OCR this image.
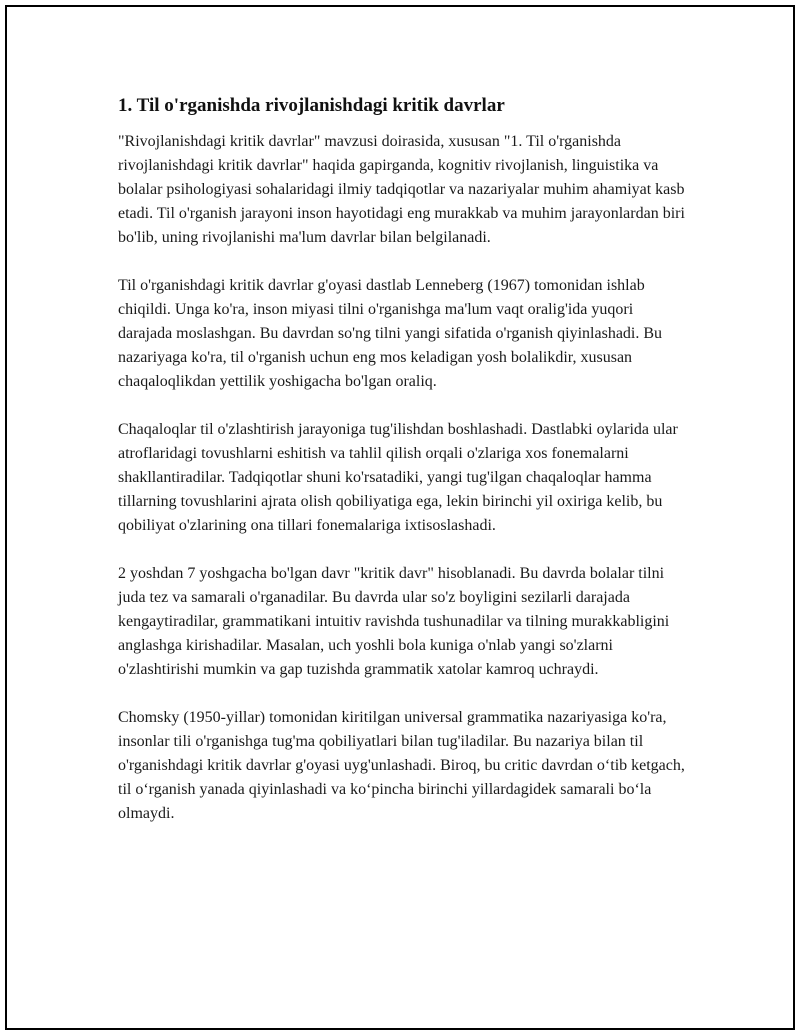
1. Til o'rganishda rivojlanishdagi kritik davrlar

"Rivojlanishdagi kritik davrlar" mavzusi doirasida, xususan "1. Til o'rganishda rivojlanishdagi kritik davrlar" haqida gapirganda, kognitiv rivojlanish, linguistika va bolalar psihologiyasi sohalaridagi ilmiy tadqiqotlar va nazariyalar muhim ahamiyat kasb etadi. Til o'rganish jarayoni inson hayotidagi eng murakkab va muhim jarayonlardan biri bo'lib, uning rivojlanishi ma'lum davrlar bilan belgilanadi.

Til o'rganishdagi kritik davrlar g'oyasi dastlab Lenneberg (1967) tomonidan ishlab chiqildi. Unga ko'ra, inson miyasi tilni o'rganishga ma'lum vaqt oralig'ida yuqori darajada moslashgan. Bu davrdan so'ng tilni yangi sifatida o'rganish qiyinlashadi. Bu nazariyaga ko'ra, til o'rganish uchun eng mos keladigan yosh bolalikdir, xususan chaqaloqlikdan yettilik yoshigacha bo'lgan oraliq.

Chaqaloqlar til o'zlashtirish jarayoniga tug'ilishdan boshlashadi. Dastlabki oylarida ular atroflaridagi tovushlarni eshitish va tahlil qilish orqali o'zlariga xos fonemalarni shakllantiradilar. Tadqiqotlar shuni ko'rsatadiki, yangi tug'ilgan chaqaloqlar hamma tillarning tovushlarini ajrata olish qobiliyatiga ega, lekin birinchi yil oxiriga kelib, bu qobiliyat o'zlarining ona tillari fonemalariga ixtisoslashadi.

2 yoshdan 7 yoshgacha bo'lgan davr "kritik davr" hisoblanadi. Bu davrda bolalar tilni juda tez va samarali o'rganadilar. Bu davrda ular so'z boyligini sezilarli darajada kengaytiradilar, grammatikani intuitiv ravishda tushunadilar va tilning murakkabligini anglashga kirishadilar. Masalan, uch yoshli bola kuniga o'nlab yangi so'zlarni o'zlashtirishi mumkin va gap tuzishda grammatik xatolar kamroq uchraydi.

Chomsky (1950-yillar) tomonidan kiritilgan universal grammatika nazariyasiga ko'ra, insonlar tili o'rganishga tug'ma qobiliyatlari bilan tug'iladilar. Bu nazariya bilan til o'rganishdagi kritik davrlar g'oyasi uyg'unlashadi. Biroq, bu critic davrdan o‘tib ketgach, til o‘rganish yanada qiyinlashadi va ko‘pincha birinchi yillardagidek samarali bo‘la olmaydi.
